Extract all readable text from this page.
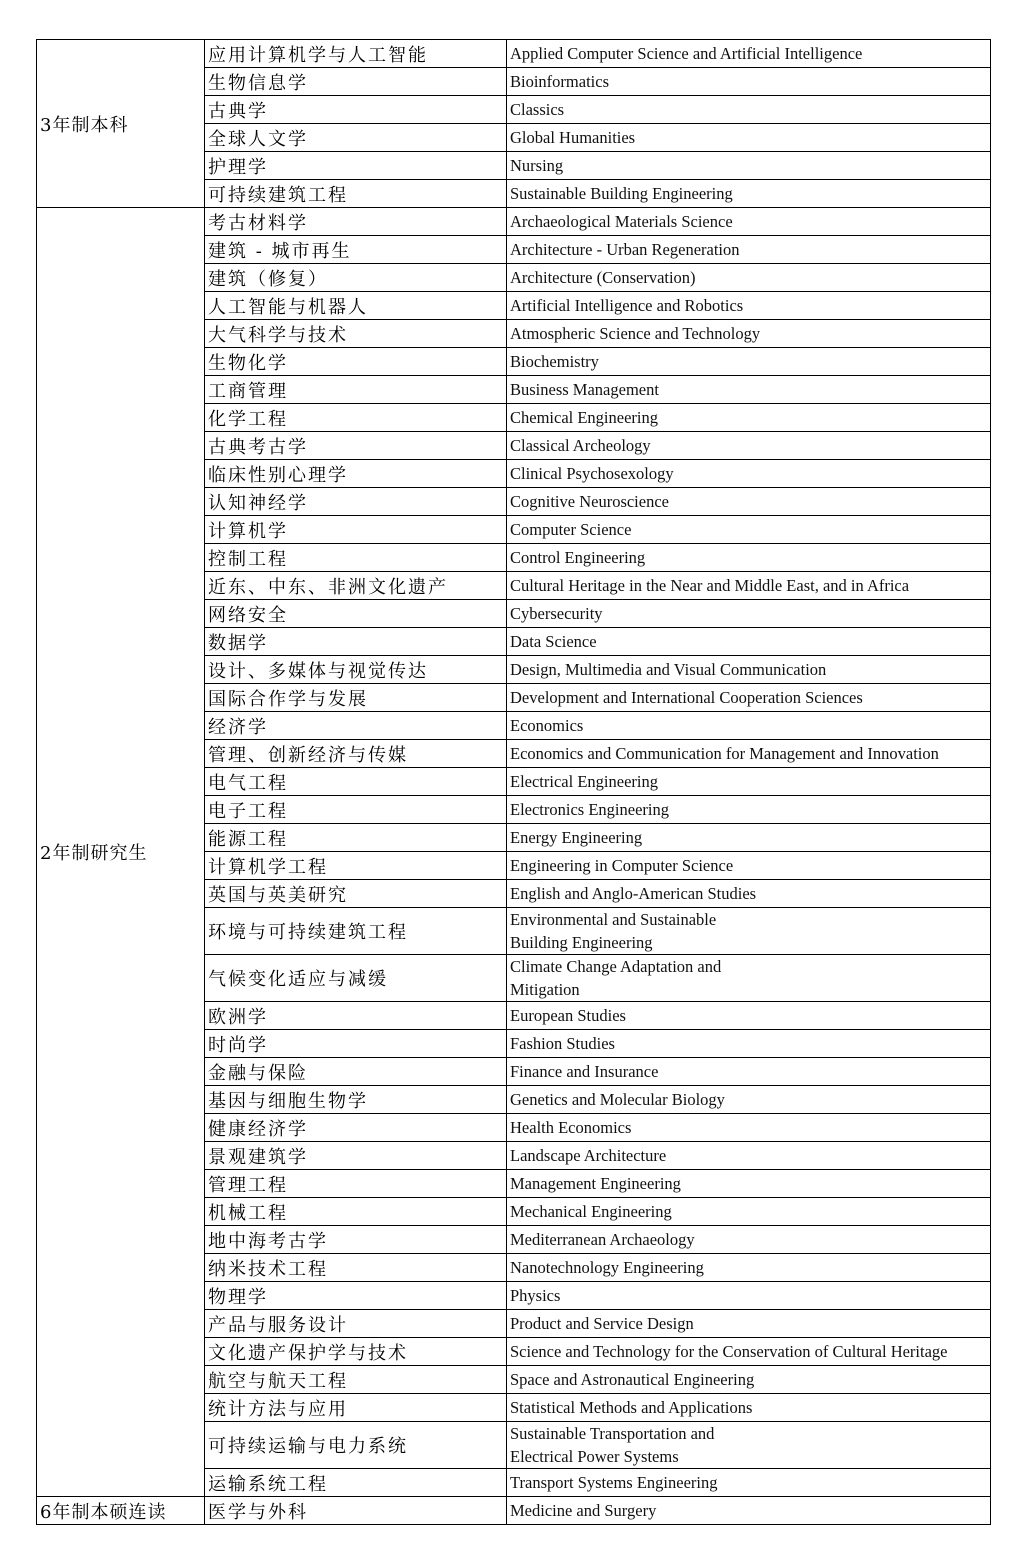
3年制本科	应用计算机学与人工智能	Applied Computer Science and Artificial Intelligence
	生物信息学	Bioinformatics
	古典学	Classics
	全球人文学	Global Humanities
	护理学	Nursing
	可持续建筑工程	Sustainable Building Engineering
2年制研究生	考古材料学	Archaeological Materials Science
	建筑 - 城市再生	Architecture - Urban Regeneration
	建筑（修复）	Architecture (Conservation)
	人工智能与机器人	Artificial Intelligence and Robotics
	大气科学与技术	Atmospheric Science and Technology
	生物化学	Biochemistry
	工商管理	Business Management
	化学工程	Chemical Engineering
	古典考古学	Classical Archeology
	临床性别心理学	Clinical Psychosexology
	认知神经学	Cognitive Neuroscience
	计算机学	Computer Science
	控制工程	Control Engineering
	近东、中东、非洲文化遗产	Cultural Heritage in the Near and Middle East, and in Africa
	网络安全	Cybersecurity
	数据学	Data Science
	设计、多媒体与视觉传达	Design, Multimedia and Visual Communication
	国际合作学与发展	Development and International Cooperation Sciences
	经济学	Economics
	管理、创新经济与传媒	Economics and Communication for Management and Innovation
	电气工程	Electrical Engineering
	电子工程	Electronics Engineering
	能源工程	Energy Engineering
	计算机学工程	Engineering in Computer Science
	英国与英美研究	English and Anglo-American Studies
	环境与可持续建筑工程	Environmental and Sustainable
Building Engineering

	气候变化适应与减缓	Climate Change Adaptation and
Mitigation

	欧洲学	European Studies
	时尚学	Fashion Studies
	金融与保险	Finance and Insurance
	基因与细胞生物学	Genetics and Molecular Biology
	健康经济学	Health Economics
	景观建筑学	Landscape Architecture
	管理工程	Management Engineering
	机械工程	Mechanical Engineering
	地中海考古学	Mediterranean Archaeology
	纳米技术工程	Nanotechnology Engineering
	物理学	Physics
	产品与服务设计	Product and Service Design
	文化遗产保护学与技术	Science and Technology for the Conservation of Cultural Heritage
	航空与航天工程	Space and Astronautical Engineering
	统计方法与应用	Statistical Methods and Applications
	可持续运输与电力系统	Sustainable Transportation and
Electrical Power Systems

	运输系统工程	Transport Systems Engineering
6年制本硕连读	医学与外科	Medicine and Surgery
